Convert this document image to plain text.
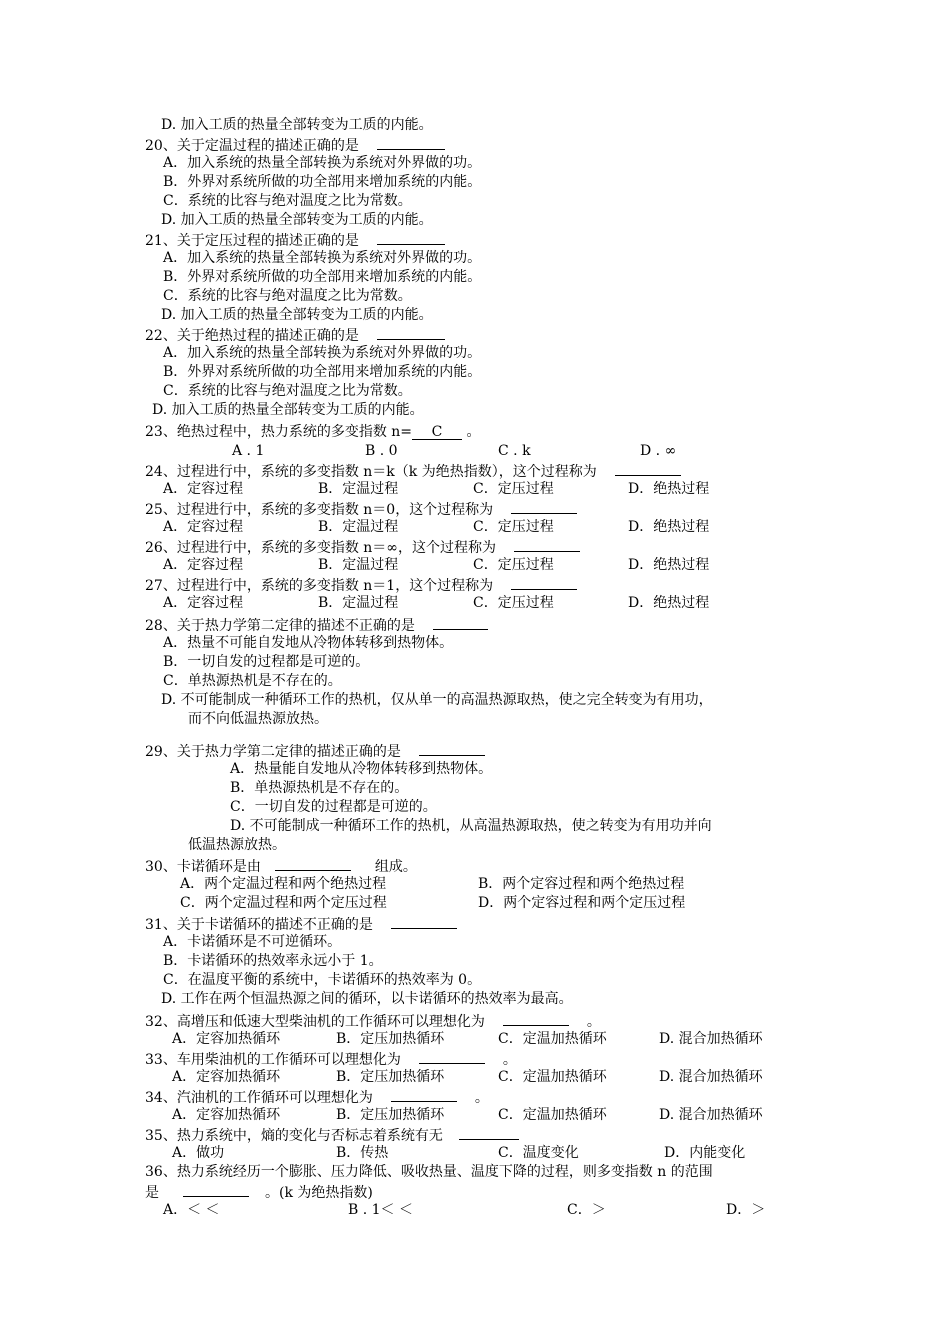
D. 加入工质的热量全部转变为工质的内能。
20、关于定温过程的描述正确的是
A．加入系统的热量全部转换为系统对外界做的功。
B．外界对系统所做的功全部用来增加系统的内能。
C．系统的比容与绝对温度之比为常数。
D. 加入工质的热量全部转变为工质的内能。
21、关于定压过程的描述正确的是
A．加入系统的热量全部转换为系统对外界做的功。
B．外界对系统所做的功全部用来增加系统的内能。
C．系统的比容与绝对温度之比为常数。
D. 加入工质的热量全部转变为工质的内能。
22、关于绝热过程的描述正确的是
A．加入系统的热量全部转换为系统对外界做的功。
B．外界对系统所做的功全部用来增加系统的内能。
C．系统的比容与绝对温度之比为常数。
D. 加入工质的热量全部转变为工质的内能。
23、绝热过程中，热力系统的多变指数 n= C 。
A . 1	B . 0	C . k	D . ∞
24、过程进行中，系统的多变指数 n＝k（k 为绝热指数），这个过程称为
A．定容过程	B．定温过程	C．定压过程	D．绝热过程
25、过程进行中，系统的多变指数 n＝0，这个过程称为
A．定容过程	B．定温过程	C．定压过程	D．绝热过程
26、过程进行中，系统的多变指数 n＝∞，这个过程称为
A．定容过程	B．定温过程	C．定压过程	D．绝热过程
27、过程进行中，系统的多变指数 n＝1，这个过程称为
A．定容过程	B．定温过程	C．定压过程	D．绝热过程
28、关于热力学第二定律的描述不正确的是
A．热量不可能自发地从冷物体转移到热物体。
B．一切自发的过程都是可逆的。
C．单热源热机是不存在的。
D. 不可能制成一种循环工作的热机，仅从单一的高温热源取热，使之完全转变为有用功，
而不向低温热源放热。
29、关于热力学第二定律的描述正确的是
A．热量能自发地从冷物体转移到热物体。
B．单热源热机是不存在的。
C．一切自发的过程都是可逆的。
D. 不可能制成一种循环工作的热机，从高温热源取热，使之转变为有用功并向
低温热源放热。
30、卡诺循环是由	组成。
A．两个定温过程和两个绝热过程	B．两个定容过程和两个绝热过程
C．两个定温过程和两个定压过程	D．两个定容过程和两个定压过程
31、关于卡诺循环的描述不正确的是
A．卡诺循环是不可逆循环。
B．卡诺循环的热效率永远小于 1。
C．在温度平衡的系统中，卡诺循环的热效率为 0。
D. 工作在两个恒温热源之间的循环，以卡诺循环的热效率为最高。
32、高增压和低速大型柴油机的工作循环可以理想化为	。
A．定容加热循环	B．定压加热循环	C．定温加热循环	D. 混合加热循环
33、车用柴油机的工作循环可以理想化为	。
A．定容加热循环	B．定压加热循环	C．定温加热循环	D. 混合加热循环
34、汽油机的工作循环可以理想化为	。
A．定容加热循环	B．定压加热循环	C．定温加热循环	D. 混合加热循环
35、热力系统中，熵的变化与否标志着系统有无
A．做功	B．传热	C．温度变化	D．内能变化
36、热力系统经历一个膨胀、压力降低、吸收热量、温度下降的过程，则多变指数 n 的范围
是	。(k 为绝热指数)
A．＜ ＜	B . 1＜ ＜	C．＞	D．＞
